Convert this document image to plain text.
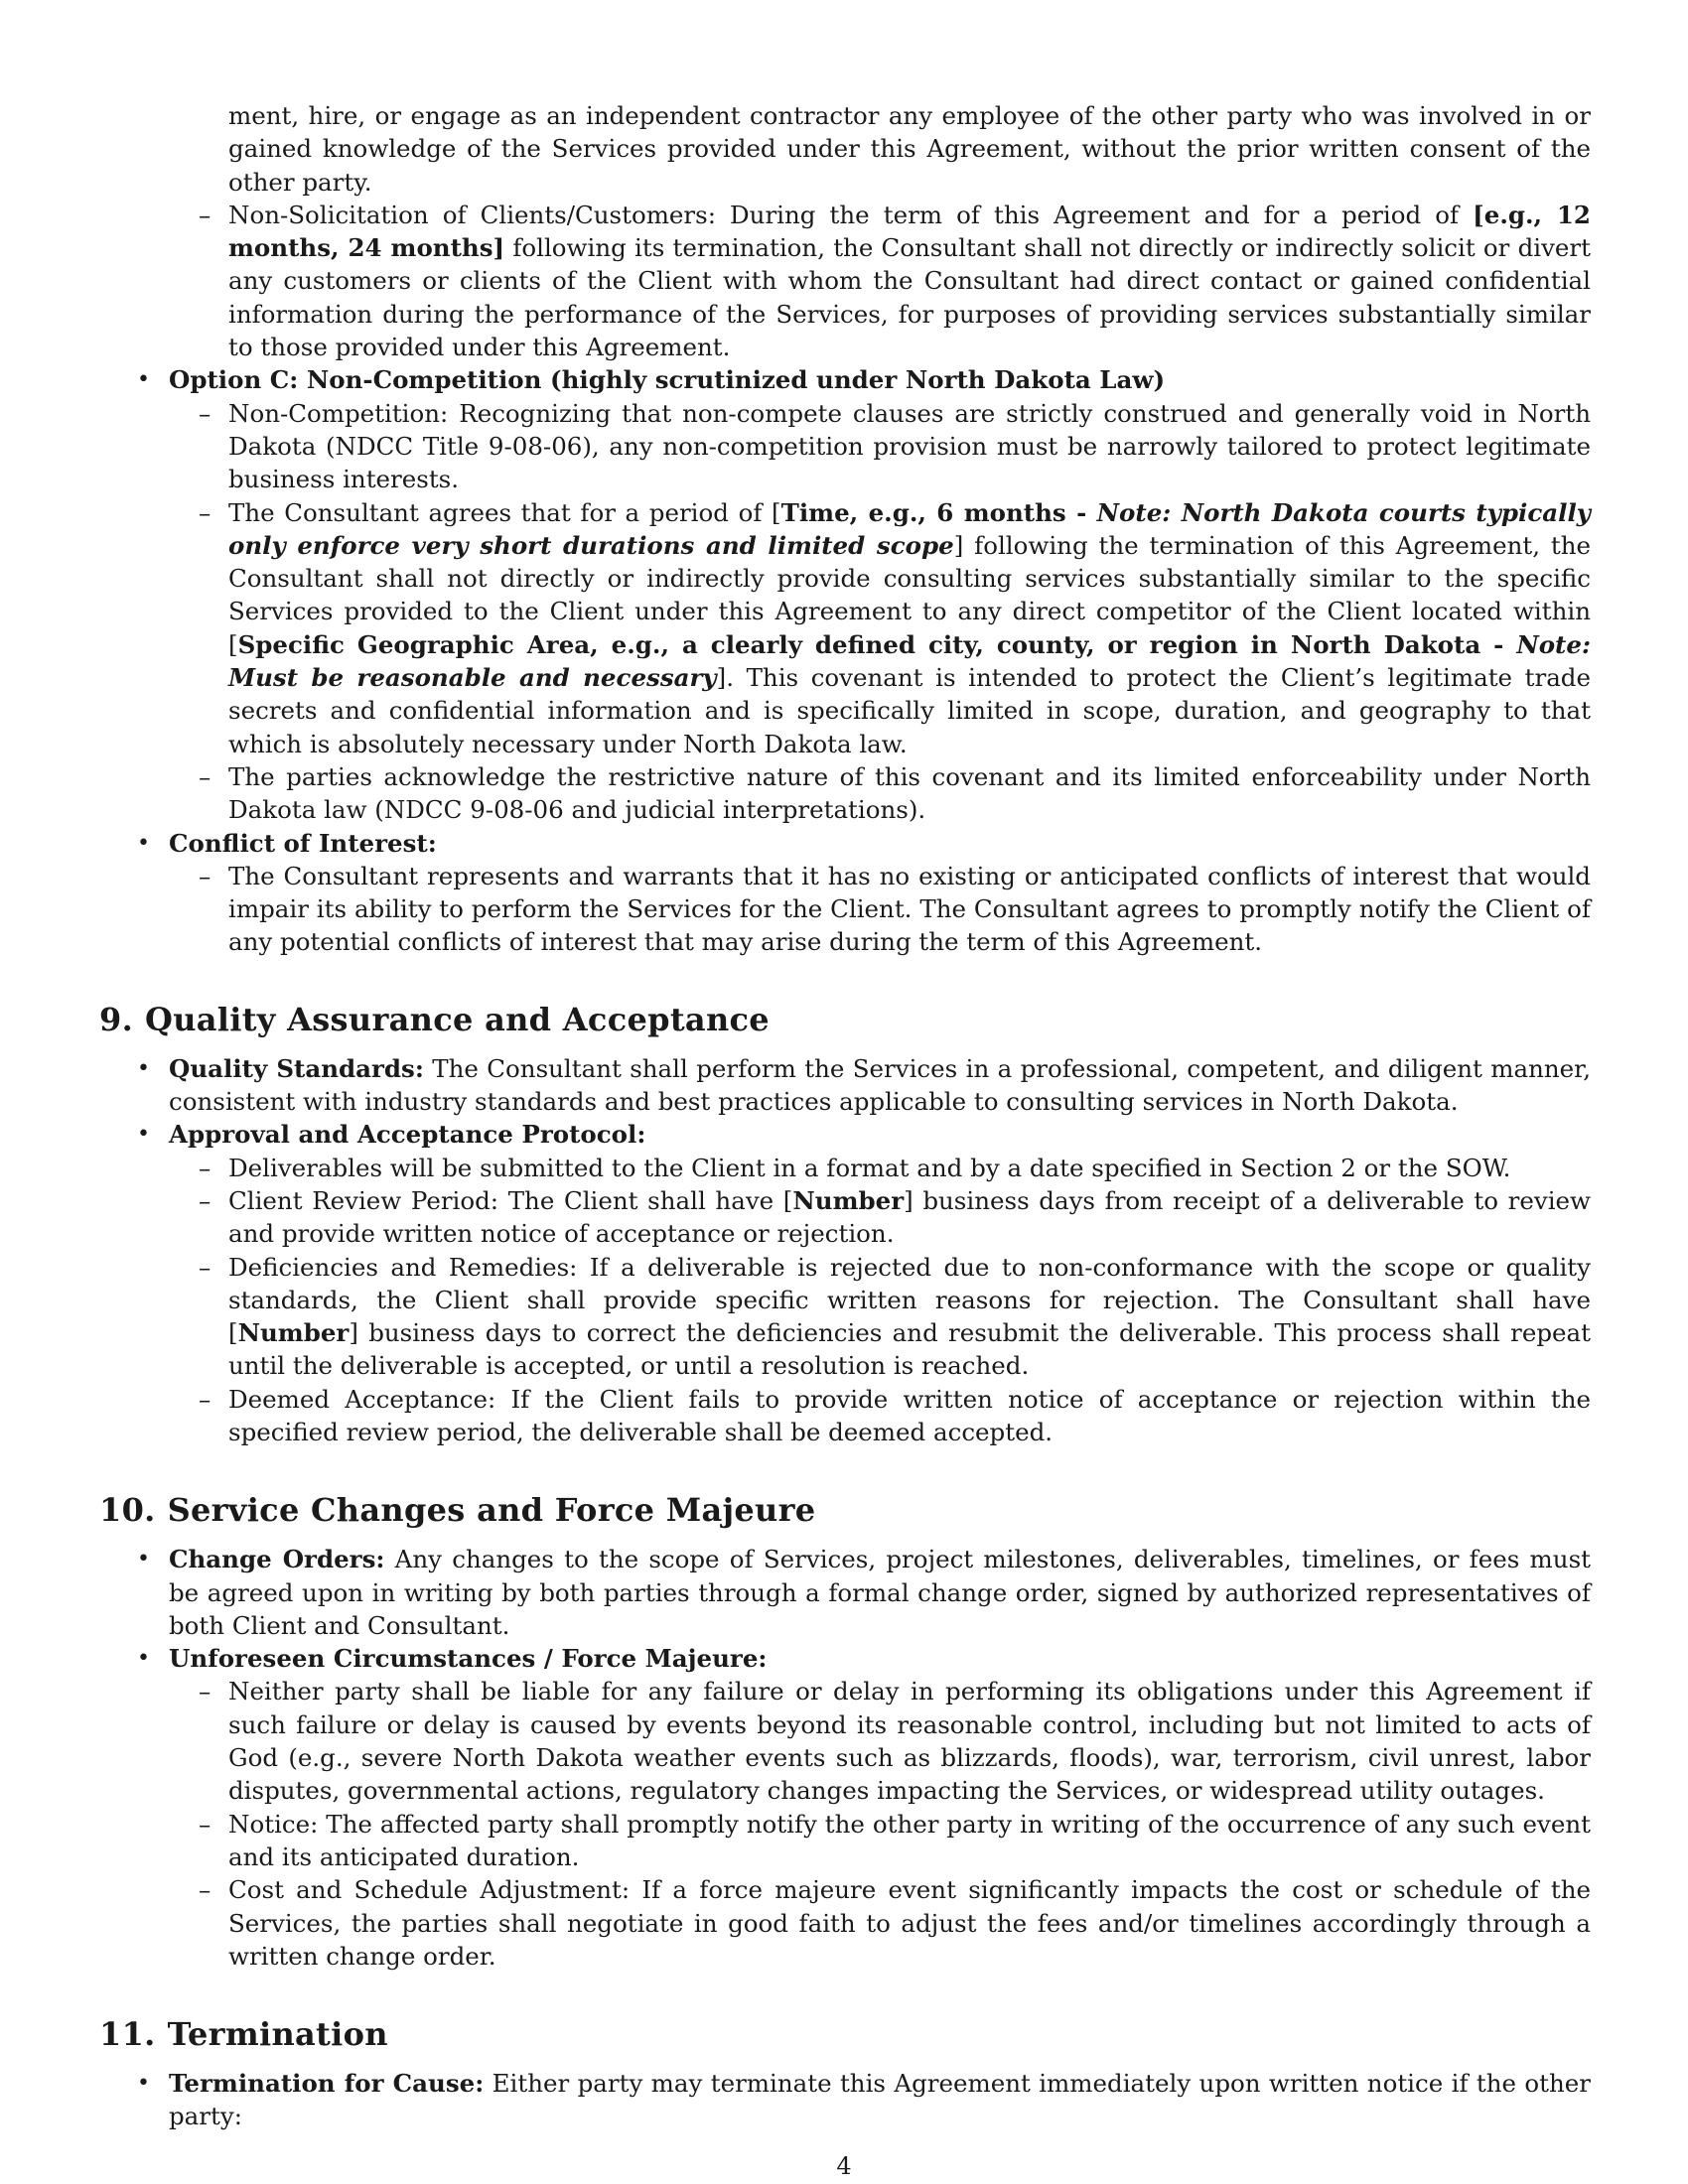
ment, hire, or engage as an independent contractor any employee of the other party who was involved in or gained knowledge of the Services provided under this Agreement, without the prior written consent of the other party.

– Non-Solicitation of Clients/Customers: During the term of this Agreement and for a period of [e.g., 12 months, 24 months] following its termination, the Consultant shall not directly or indirectly solicit or divert any customers or clients of the Client with whom the Consultant had direct contact or gained confidential information during the performance of the Services, for purposes of providing services substantially similar to those provided under this Agreement.

• Option C: Non-Competition (highly scrutinized under North Dakota Law)

– Non-Competition: Recognizing that non-compete clauses are strictly construed and generally void in North Dakota (NDCC Title 9-08-06), any non-competition provision must be narrowly tailored to protect legitimate business interests.

– The Consultant agrees that for a period of [Time, e.g., 6 months - Note: North Dakota courts typically only enforce very short durations and limited scope] following the termination of this Agreement, the Consultant shall not directly or indirectly provide consulting services substantially similar to the specific Services provided to the Client under this Agreement to any direct competitor of the Client located within [Specific Geographic Area, e.g., a clearly defined city, county, or region in North Dakota - Note: Must be reasonable and necessary]. This covenant is intended to protect the Client’s legitimate trade secrets and confidential information and is specifically limited in scope, duration, and geography to that which is absolutely necessary under North Dakota law.

– The parties acknowledge the restrictive nature of this covenant and its limited enforceability under North Dakota law (NDCC 9-08-06 and judicial interpretations).

• Conflict of Interest:

– The Consultant represents and warrants that it has no existing or anticipated conflicts of interest that would impair its ability to perform the Services for the Client. The Consultant agrees to promptly notify the Client of any potential conflicts of interest that may arise during the term of this Agreement.

9. Quality Assurance and Acceptance

• Quality Standards: The Consultant shall perform the Services in a professional, competent, and diligent manner, consistent with industry standards and best practices applicable to consulting services in North Dakota.

• Approval and Acceptance Protocol:

– Deliverables will be submitted to the Client in a format and by a date specified in Section 2 or the SOW.

– Client Review Period: The Client shall have [Number] business days from receipt of a deliverable to review and provide written notice of acceptance or rejection.

– Deficiencies and Remedies: If a deliverable is rejected due to non-conformance with the scope or quality standards, the Client shall provide specific written reasons for rejection. The Consultant shall have [Number] business days to correct the deficiencies and resubmit the deliverable. This process shall repeat until the deliverable is accepted, or until a resolution is reached.

– Deemed Acceptance: If the Client fails to provide written notice of acceptance or rejection within the specified review period, the deliverable shall be deemed accepted.

10. Service Changes and Force Majeure

• Change Orders: Any changes to the scope of Services, project milestones, deliverables, timelines, or fees must be agreed upon in writing by both parties through a formal change order, signed by authorized representatives of both Client and Consultant.

• Unforeseen Circumstances / Force Majeure:

– Neither party shall be liable for any failure or delay in performing its obligations under this Agreement if such failure or delay is caused by events beyond its reasonable control, including but not limited to acts of God (e.g., severe North Dakota weather events such as blizzards, floods), war, terrorism, civil unrest, labor disputes, governmental actions, regulatory changes impacting the Services, or widespread utility outages.

– Notice: The affected party shall promptly notify the other party in writing of the occurrence of any such event and its anticipated duration.

– Cost and Schedule Adjustment: If a force majeure event significantly impacts the cost or schedule of the Services, the parties shall negotiate in good faith to adjust the fees and/or timelines accordingly through a written change order.

11. Termination

• Termination for Cause: Either party may terminate this Agreement immediately upon written notice if the other party:

4
